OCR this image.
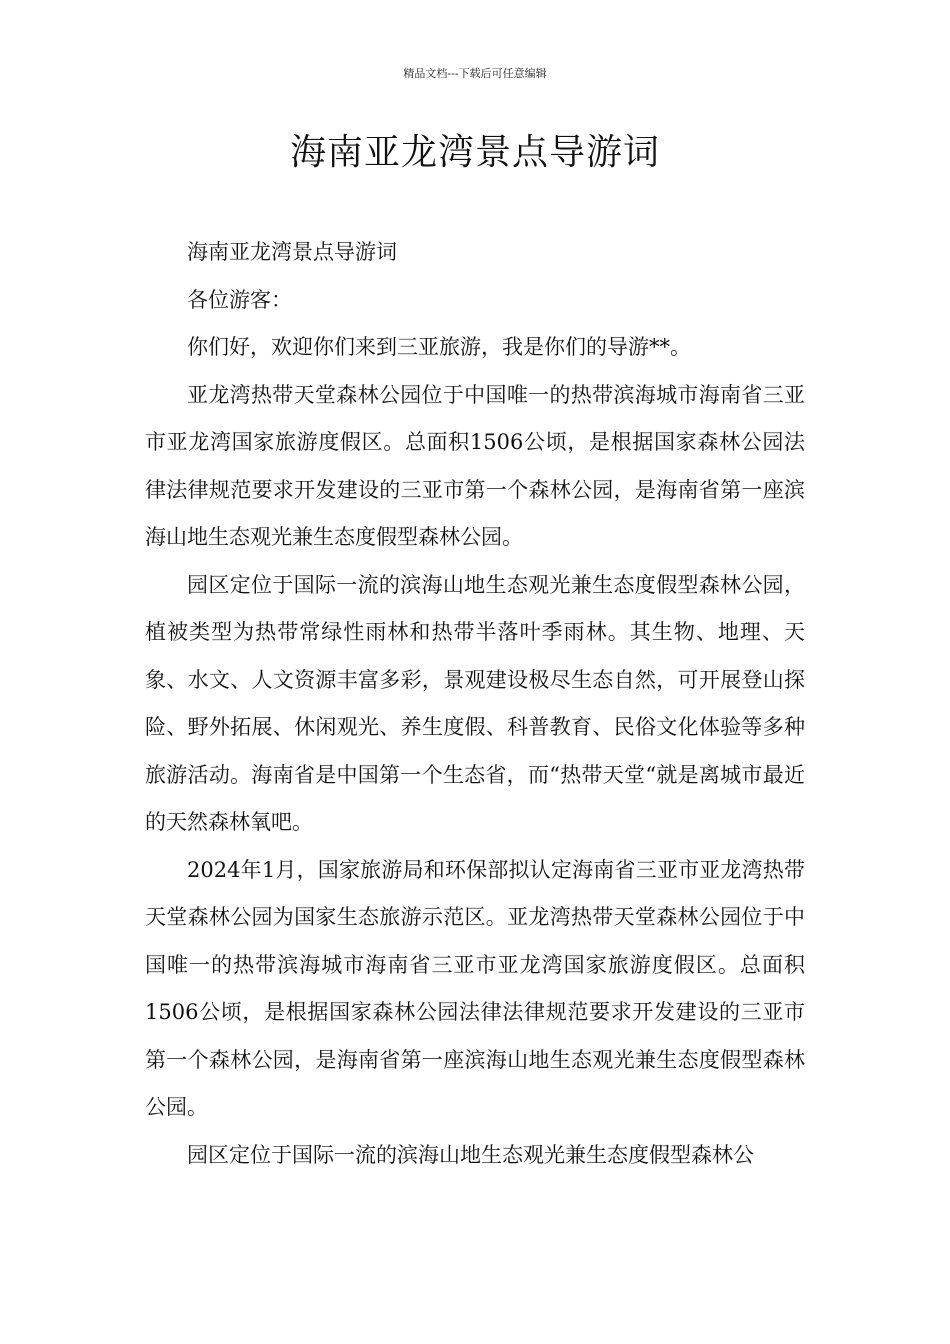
精品文档---下载后可任意编辑
海南亚龙湾景点导游词

海南亚龙湾景点导游词

各位游客：

你们好，欢迎你们来到三亚旅游，我是你们的导游**。

亚龙湾热带天堂森林公园位于中国唯一的热带滨海城市海南省三亚市亚龙湾国家旅游度假区。总面积1506公顷，是根据国家森林公园法律法律规范要求开发建设的三亚市第一个森林公园，是海南省第一座滨海山地生态观光兼生态度假型森林公园。

园区定位于国际一流的滨海山地生态观光兼生态度假型森林公园，植被类型为热带常绿性雨林和热带半落叶季雨林。其生物、地理、天象、水文、人文资源丰富多彩，景观建设极尽生态自然，可开展登山探险、野外拓展、休闲观光、养生度假、科普教育、民俗文化体验等多种旅游活动。海南省是中国第一个生态省，而“热带天堂“就是离城市最近的天然森林氧吧。

2024年1月，国家旅游局和环保部拟认定海南省三亚市亚龙湾热带天堂森林公园为国家生态旅游示范区。亚龙湾热带天堂森林公园位于中国唯一的热带滨海城市海南省三亚市亚龙湾国家旅游度假区。总面积1506公顷，是根据国家森林公园法律法律规范要求开发建设的三亚市第一个森林公园，是海南省第一座滨海山地生态观光兼生态度假型森林公园。

园区定位于国际一流的滨海山地生态观光兼生态度假型森林公
